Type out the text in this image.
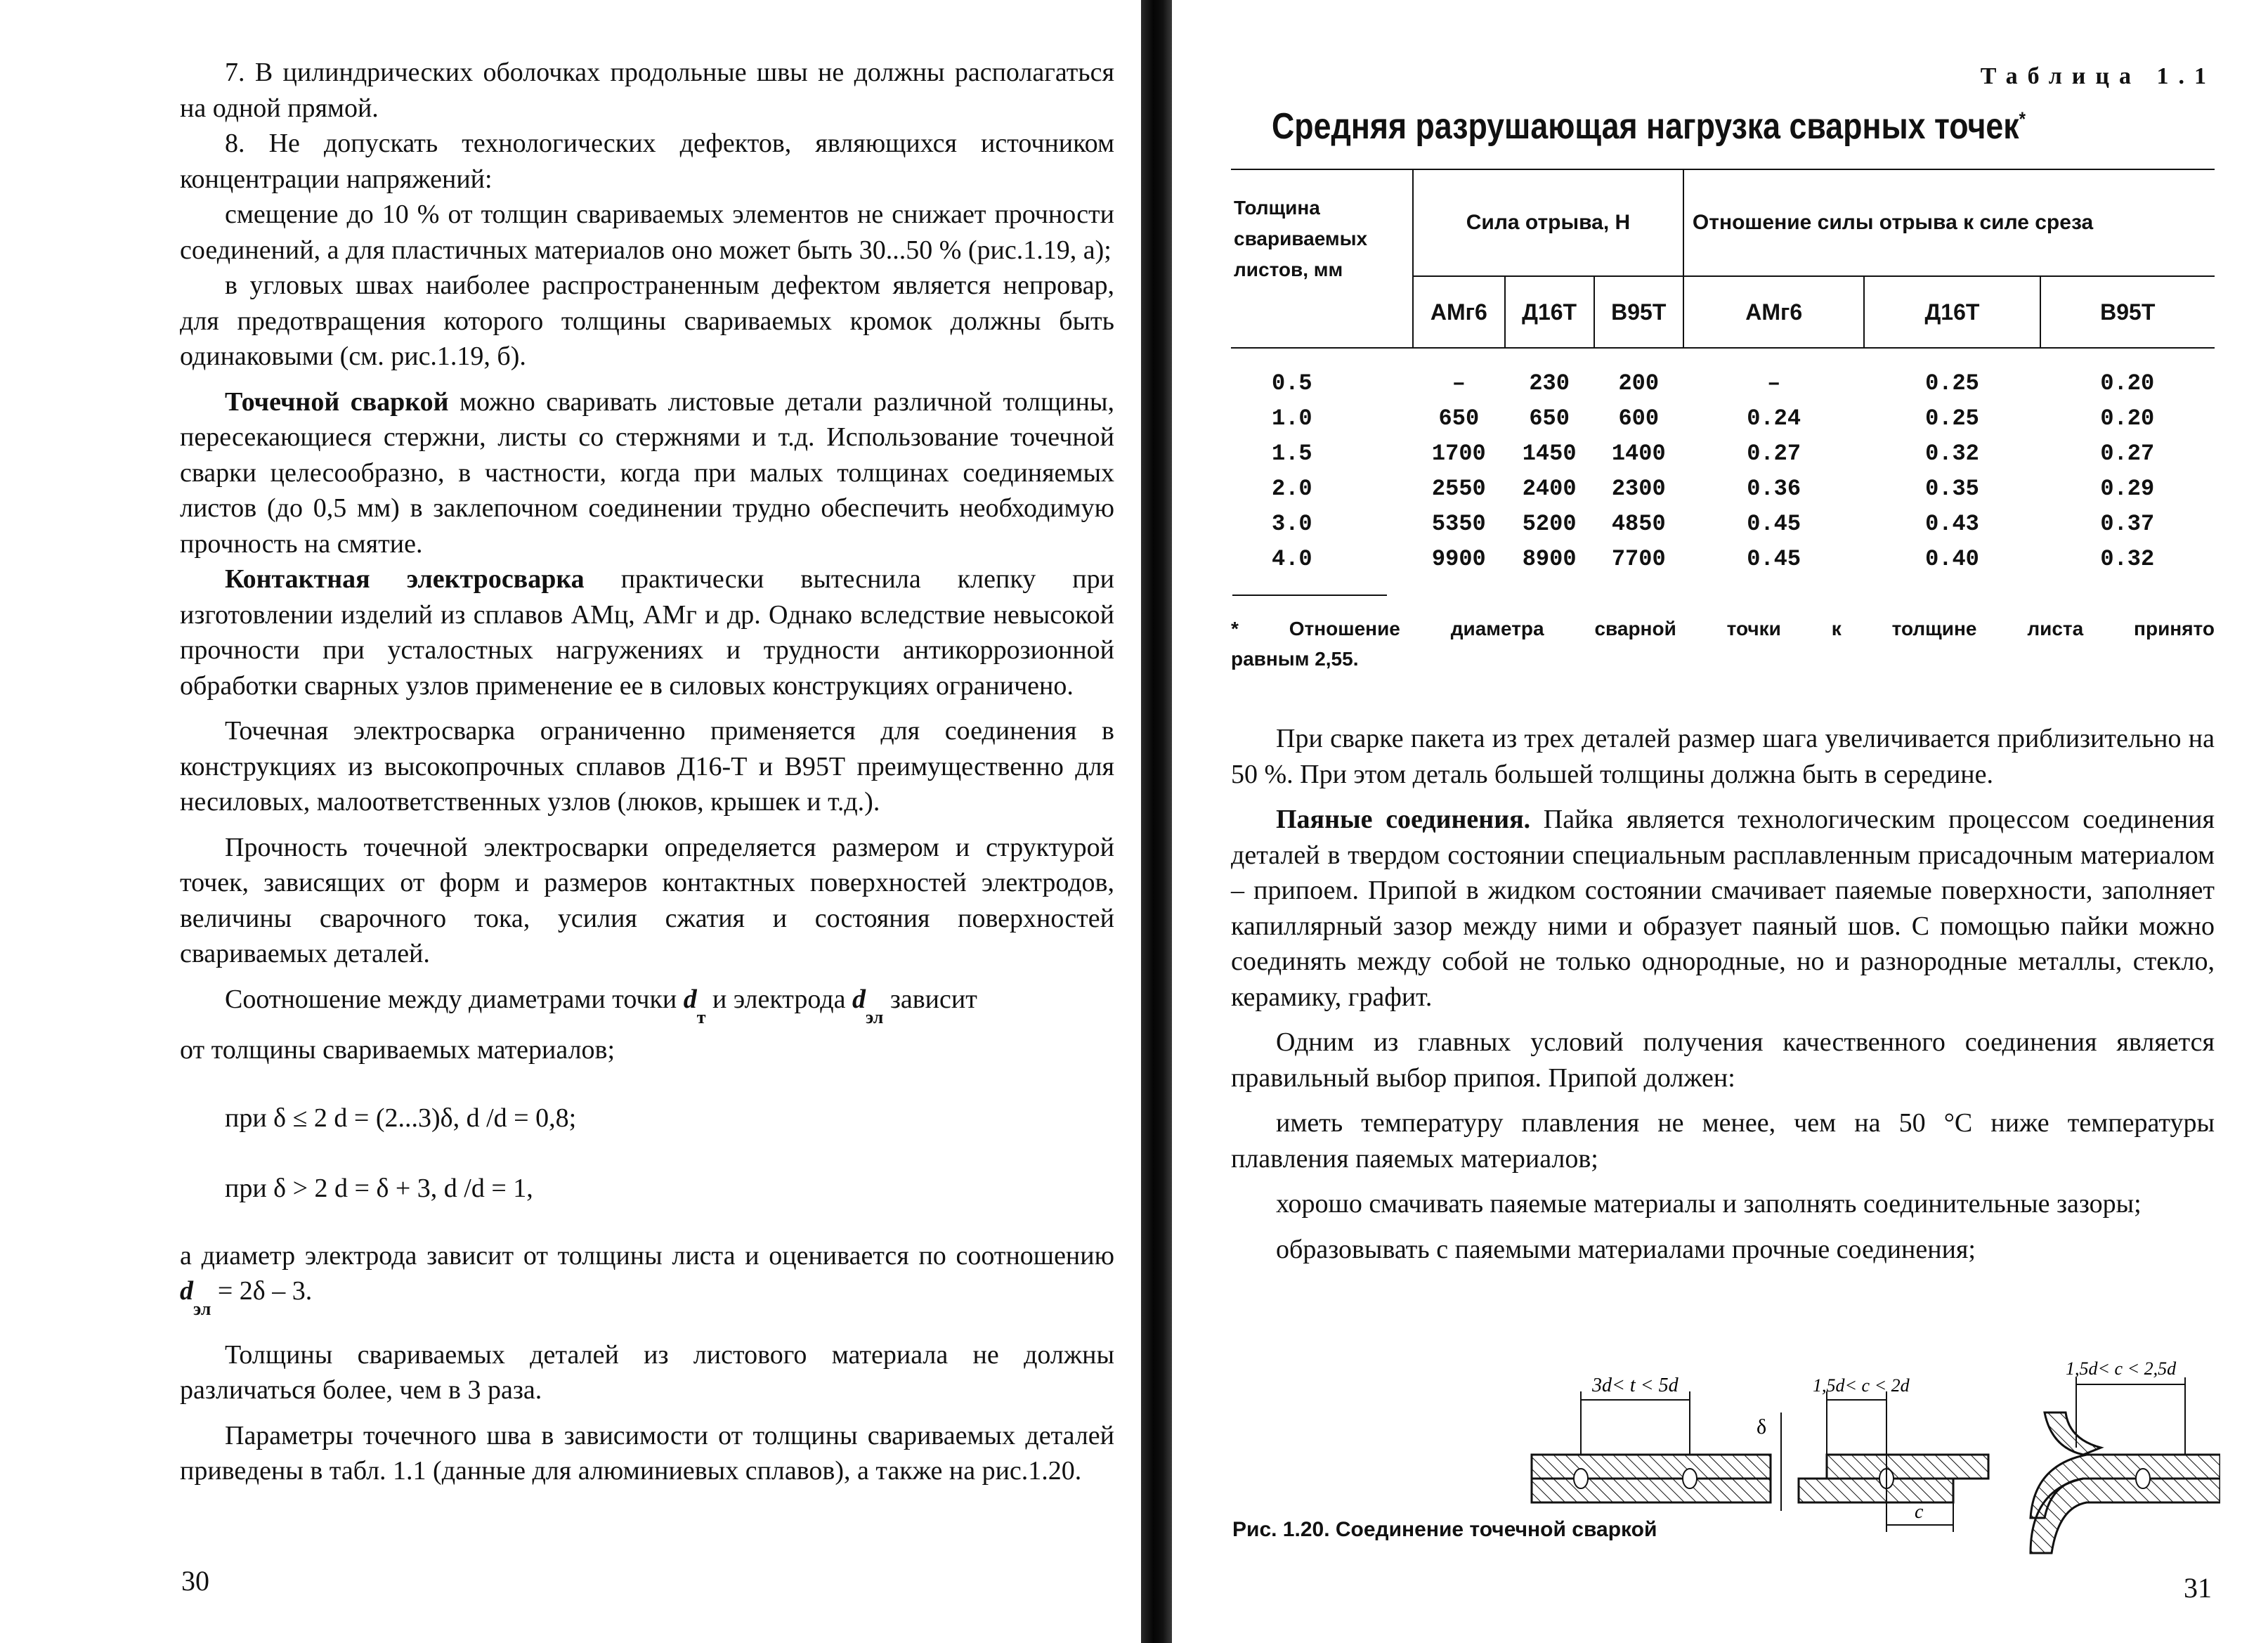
7. В цилиндрических оболочках продольные швы не должны располагаться на одной прямой.

8. Не допускать технологических дефектов, являющихся источником концентрации напряжений:

смещение до 10 % от толщин свариваемых элементов не снижает прочности соединений, а для пластичных материалов оно может быть 30...50 % (рис.1.19, а);

в угловых швах наиболее распространенным дефектом является непровар, для предотвращения которого толщины свариваемых кромок должны быть одинаковыми (см. рис.1.19, б).

Точечной сваркой можно сваривать листовые детали различной толщины, пересекающиеся стержни, листы со стержнями и т.д. Использование точечной сварки целесообразно, в частности, когда при малых толщинах соединяемых листов (до 0,5 мм) в заклепочном соединении трудно обеспечить необходимую прочность на смятие.

Контактная электросварка практически вытеснила клепку при изготовлении изделий из сплавов АМц, АМг и др. Однако вследствие невысокой прочности при усталостных нагружениях и трудности антикоррозионной обработки сварных узлов применение ее в силовых конструкциях ограничено.

Точечная электросварка ограниченно применяется для соединения в конструкциях из высокопрочных сплавов Д16-Т и В95Т преимущественно для несиловых, малоответственных узлов (люков, крышек и т.д.).

Прочность точечной электросварки определяется размером и структурой точек, зависящих от форм и размеров контактных поверхностей электродов, величины сварочного тока, усилия сжатия и состояния поверхностей свариваемых деталей.

Соотношение между диаметрами точки $d_т$ и электрода $d_{эл}$ зависит

от толщины свариваемых материалов;

при δ ≤ 2 d = (2...3)δ, d /d = 0,8;
при δ > 2 d = δ + 3, d /d = 1,

а диаметр электрода зависит от толщины листа и оценивается по соотношению $d_{эл} = 2\delta - 3$.

Толщины свариваемых деталей из листового материала не должны различаться более, чем в 3 раза.

Параметры точечного шва в зависимости от толщины свариваемых деталей приведены в табл. 1.1 (данные для алюминиевых сплавов), а также на рис.1.20.

30
Таблица 1.1
Средняя разрушающая нагрузка сварных точек*
Толщина свариваемых листов, мм	Сила отрыва, Н			Отношение силы отрыва к силе среза		
	АМг6	Д16Т	В95Т	АМг6	Д16Т	В95Т
0.5	–	230	200	–	0.25	0.20
1.0	650	650	600	0.24	0.25	0.20
1.5	1700	1450	1400	0.27	0.32	0.27
2.0	2550	2400	2300	0.36	0.35	0.29
3.0	5350	5200	4850	0.45	0.43	0.37
4.0	9900	8900	7700	0.45	0.40	0.32
* Отношение диаметра сварной точки к толщине листа принято
равным 2,55.

При сварке пакета из трех деталей размер шага увеличивается приблизительно на 50 %. При этом деталь большей толщины должна быть в середине.

Паяные соединения. Пайка является технологическим процессом соединения деталей в твердом состоянии специальным расплавленным присадочным материалом – припоем. Припой в жидком состоянии смачивает паяемые поверхности, заполняет капиллярный зазор между ними и образует паяный шов. С помощью пайки можно соединять между собой не только однородные, но и разнородные металлы, стекло, керамику, графит.

Одним из главных условий получения качественного соединения является правильный выбор припоя. Припой должен:

иметь температуру плавления не менее, чем на 50 °С ниже температуры плавления паяемых материалов;

хорошо смачивать паяемые материалы и заполнять соединительные зазоры;

образовывать с паяемыми материалами прочные соединения;

3d< t < 5d
δ
1,5d< c < 2d
c
1,5d< c < 2,5d
Рис. 1.20. Соединение точечной сваркой
31
